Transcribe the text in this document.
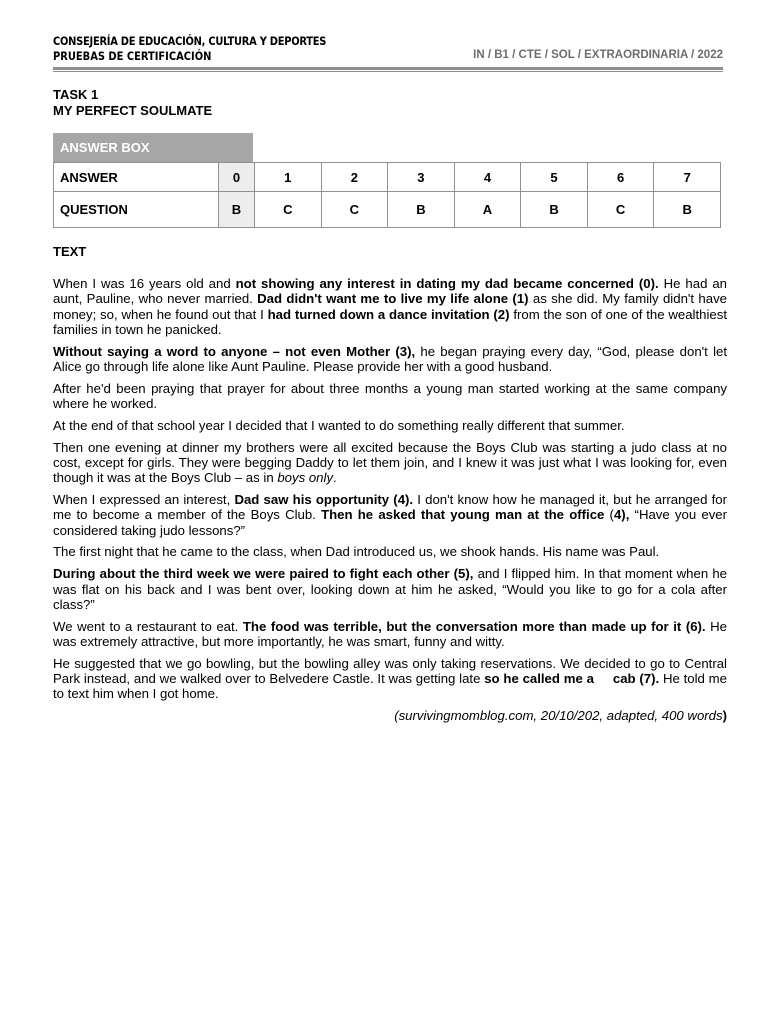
CONSEJERÍA DE EDUCACIÓN, CULTURA Y DEPORTES
PRUEBAS DE CERTIFICACIÓN	IN / B1 / CTE / SOL / EXTRAORDINARIA / 2022
TASK 1
MY PERFECT SOULMATE
ANSWER BOX
ANSWER	0	1	2	3	4	5	6	7
QUESTION	B	C	C	B	A	B	C	B
TEXT

When I was 16 years old and not showing any interest in dating my dad became concerned (0). He had an aunt, Pauline, who never married. Dad didn't want me to live my life alone (1) as she did. My family didn't have money; so, when he found out that I had turned down a dance invitation (2) from the son of one of the wealthiest families in town he panicked.

Without saying a word to anyone – not even Mother (3), he began praying every day, “God, please don't let Alice go through life alone like Aunt Pauline. Please provide her with a good husband.

After he'd been praying that prayer for about three months a young man started working at the same company where he worked.

At the end of that school year I decided that I wanted to do something really different that summer.

Then one evening at dinner my brothers were all excited because the Boys Club was starting a judo class at no cost, except for girls. They were begging Daddy to let them join, and I knew it was just what I was looking for, even though it was at the Boys Club – as in boys only.

When I expressed an interest, Dad saw his opportunity (4). I don't know how he managed it, but he arranged for me to become a member of the Boys Club. Then he asked that young man at the office (4), “Have you ever considered taking judo lessons?”

The first night that he came to the class, when Dad introduced us, we shook hands. His name was Paul.

During about the third week we were paired to fight each other (5), and I flipped him. In that moment when he was flat on his back and I was bent over, looking down at him he asked, “Would you like to go for a cola after class?”

We went to a restaurant to eat. The food was terrible, but the conversation more than made up for it (6). He was extremely attractive, but more importantly, he was smart, funny and witty.

He suggested that we go bowling, but the bowling alley was only taking reservations. We decided to go to Central Park instead, and we walked over to Belvedere Castle. It was getting late so he called me a     cab (7). He told me to text him when I got home.

(survivingmomblog.com, 20/10/202, adapted, 400 words)
